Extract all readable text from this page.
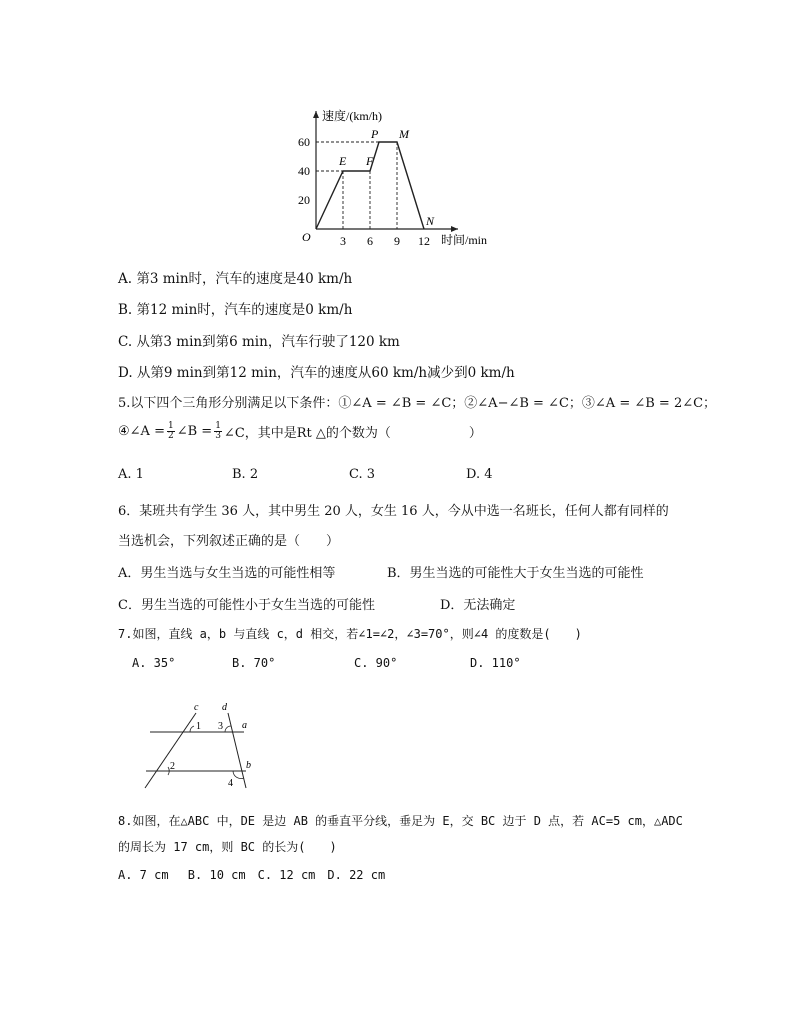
60
40
20
3 6 9 12
O
速度/(km/h)
时间/min
E F
P M
N
A. 第3 min时，汽车的速度是40 km/h
B. 第12 min时，汽车的速度是0 km/h
C. 从第3 min到第6 min，汽车行驶了120 km
D. 从第9 min到第12 min，汽车的速度从60 km/h减少到0 km/h
5.以下四个三角形分别满足以下条件：①∠A = ∠B = ∠C；②∠A−∠B = ∠C；③∠A = ∠B = 2∠C；
④∠A = $\frac{1}{2}$ ∠B = $\frac{1}{3}$ ∠C，其中是Rt △的个数为（　　　　　　）
A. 1	B. 2	C. 3	D. 4
6．某班共有学生 36 人，其中男生 20 人，女生 16 人，今从中选一名班长，任何人都有同样的
当选机会，下列叙述正确的是（　　）
A．男生当选与女生当选的可能性相等	B．男生当选的可能性大于女生当选的可能性
C．男生当选的可能性小于女生当选的可能性	D．无法确定
7.如图，直线 a，b 与直线 c，d 相交，若∠1=∠2，∠3=70°，则∠4 的度数是(　　)
A. 35°	B. 70°	C. 90°	D. 110°
c d
a
b
1
2
3
4
8.如图，在△ABC 中，DE 是边 AB 的垂直平分线，垂足为 E，交 BC 边于 D 点，若 AC=5 cm，△ADC
的周长为 17 cm，则 BC 的长为(　　)
A. 7 cm　 B. 10 cm　C. 12 cm　D. 22 cm
